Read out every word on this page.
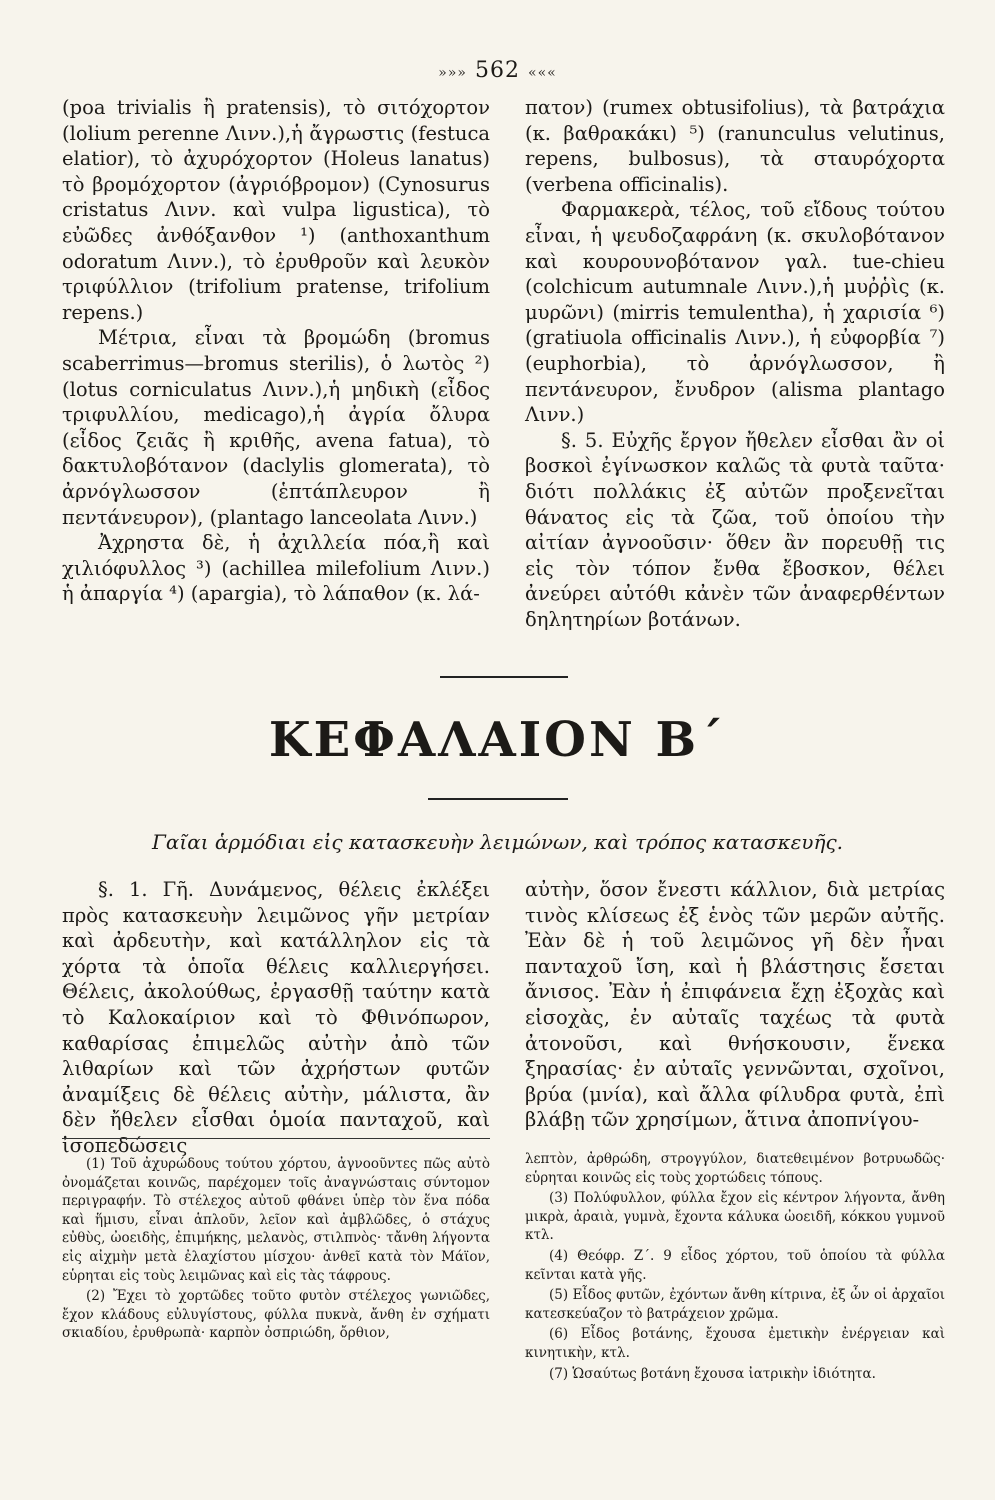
»»» 562 «««

(poa trivialis ἢ pratensis), τὸ σιτόχορτον (lolium perenne Λινν.),ἡ ἄγρωστις (festuca elatior), τὸ ἀχυρόχορτον (Holeus lanatus) τὸ βρομόχορτον (ἀγριόβρομον) (Cynosurus cristatus Λινν. καὶ vulpa ligustica), τὸ εὐῶδες ἀνθόξανθον ¹) (anthoxanthum odoratum Λινν.), τὸ ἐρυθροῦν καὶ λευκὸν τριφύλλιον (trifolium pratense, trifolium repens.)

Μέτρια, εἶναι τὰ βρομώδη (bromus scaberrimus—bromus sterilis), ὁ λωτὸς ²) (lotus corniculatus Λινν.),ἡ μηδικὴ (εἶδος τριφυλλίου, medicago),ἡ ἀγρία ὄλυρα (εἶδος ζειᾶς ἢ κριθῆς, avena fatua), τὸ δακτυλοβότανον (daclylis glomerata), τὸ ἀρνόγλωσσον (ἑπτάπλευρον ἢ πεντάνευρον), (plantago lanceolata Λινν.)

Ἀχρηστα δὲ, ἡ ἀχιλλεία πόα,ἢ καὶ χιλιόφυλλος ³) (achillea milefolium Λινν.) ἡ ἀπαργία ⁴) (apargia), τὸ λάπαθον (κ. λά-

πατον) (rumex obtusifolius), τὰ βατράχια (κ. βαθρακάκι) ⁵) (ranunculus velutinus, repens, bulbosus), τὰ σταυρόχορτα (verbena officinalis).

Φαρμακερὰ, τέλος, τοῦ εἴδους τούτου εἶναι, ἡ ψευδοζαφράνη (κ. σκυλοβότανον καὶ κουρουνοβότανον γαλ. tue-chieu (colchicum autumnale Λινν.),ἡ μυῤῥὶς (κ. μυρῶνι) (mirris temulentha), ἡ χαρισία ⁶) (gratiuola officinalis Λινν.), ἡ εὐφορβία ⁷) (euphorbia), τὸ ἀρνόγλωσσον, ἢ πεντάνευρον, ἔνυδρον (alisma plantago Λινν.)

§. 5. Εὐχῆς ἔργον ἤθελεν εἶσθαι ἂν οἱ βοσκοὶ ἐγίνωσκον καλῶς τὰ φυτὰ ταῦτα· διότι πολλάκις ἐξ αὐτῶν προξενεῖται θάνατος εἰς τὰ ζῶα, τοῦ ὁποίου τὴν αἰτίαν ἀγνοοῦσιν· ὅθεν ἂν πορευθῇ τις εἰς τὸν τόπον ἔνθα ἔβοσκον, θέλει ἀνεύρει αὐτόθι κἀνὲν τῶν ἀναφερθέντων δηλητηρίων βοτάνων.

ΚΕΦΑΛΑΙΟΝ Β΄
Γαῖαι ἁρμόδιαι εἰς κατασκευὴν λειμώνων, καὶ τρόπος κατασκευῆς.

§. 1. Γῆ. Δυνάμενος, θέλεις ἐκλέξει πρὸς κατασκευὴν λειμῶνος γῆν μετρίαν καὶ ἀρδευτὴν, καὶ κατάλληλον εἰς τὰ χόρτα τὰ ὁποῖα θέλεις καλλιεργήσει. Θέλεις, ἀκολούθως, ἐργασθῇ ταύτην κατὰ τὸ Καλοκαίριον καὶ τὸ Φθινόπωρον, καθαρίσας ἐπιμελῶς αὐτὴν ἀπὸ τῶν λιθαρίων καὶ τῶν ἀχρήστων φυτῶν ἀναμίξεις δὲ θέλεις αὐτὴν, μάλιστα, ἂν δὲν ἤθελεν εἶσθαι ὁμοία πανταχοῦ, καὶ ἰσοπεδώσεις

αὐτὴν, ὅσον ἔνεστι κάλλιον, διὰ μετρίας τινὸς κλίσεως ἐξ ἑνὸς τῶν μερῶν αὐτῆς. Ἐὰν δὲ ἡ τοῦ λειμῶνος γῆ δὲν ἦναι πανταχοῦ ἴση, καὶ ἡ βλάστησις ἔσεται ἄνισος. Ἐὰν ἡ ἐπιφάνεια ἔχῃ ἐξοχὰς καὶ εἰσοχὰς, ἐν αὐταῖς ταχέως τὰ φυτὰ ἀτονοῦσι, καὶ θνήσκουσιν, ἕνεκα ξηρασίας· ἐν αὐταῖς γεννῶνται, σχοῖνοι, βρύα (μνία), καὶ ἄλλα φίλυδρα φυτὰ, ἐπὶ βλάβῃ τῶν χρησίμων, ἅτινα ἀποπνίγου-

(1) Τοῦ ἀχυρώδους τούτου χόρτου, ἀγνοοῦντες πῶς αὐτὸ ὀνομάζεται κοινῶς, παρέχομεν τοῖς ἀναγνώσταις σύντομον περιγραφήν. Τὸ στέλεχος αὐτοῦ φθάνει ὑπὲρ τὸν ἕνα πόδα καὶ ἥμισυ, εἶναι ἁπλοῦν, λεῖον καὶ ἀμβλῶδες, ὁ στάχυς εὐθὺς, ὠοειδὴς, ἐπιμήκης, μελανὸς, στιλπνὸς· τἄνθη λήγοντα εἰς αἰχμὴν μετὰ ἐλαχίστου μίσχου· ἀνθεῖ κατὰ τὸν Μάϊον, εὑρηται εἰς τοὺς λειμῶνας καὶ εἰς τὰς τάφρους.

(2) Ἔχει τὸ χορτῶδες τοῦτο φυτὸν στέλεχος γωνιῶδες, ἔχον κλάδους εὐλυγίστους, φύλλα πυκνὰ, ἄνθη ἐν σχήματι σκιαδίου, ἐρυθρωπὰ· καρπὸν ὀσπριώδη, ὄρθιον,

λεπτὸν, ἀρθρώδη, στρογγύλον, διατεθειμένον βοτρυωδῶς· εὑρηται κοινῶς εἰς τοὺς χορτώδεις τόπους.

(3) Πολύφυλλον, φύλλα ἔχον εἰς κέντρον λήγοντα, ἄνθη μικρὰ, ἀραιὰ, γυμνὰ, ἔχοντα κάλυκα ὠοειδῆ, κόκκου γυμνοῦ κτλ.

(4) Θεόφρ. Ζ΄. 9 εἶδος χόρτου, τοῦ ὁποίου τὰ φύλλα κεῖνται κατὰ γῆς.

(5) Εἶδος φυτῶν, ἐχόντων ἄνθη κίτρινα, ἐξ ὧν οἱ ἀρχαῖοι κατεσκεύαζον τὸ βατράχειον χρῶμα.

(6) Εἶδος βοτάνης, ἔχουσα ἐμετικὴν ἐνέργειαν καὶ κινητικὴν, κτλ.

(7) Ὡσαύτως βοτάνη ἔχουσα ἰατρικὴν ἰδιότητα.
